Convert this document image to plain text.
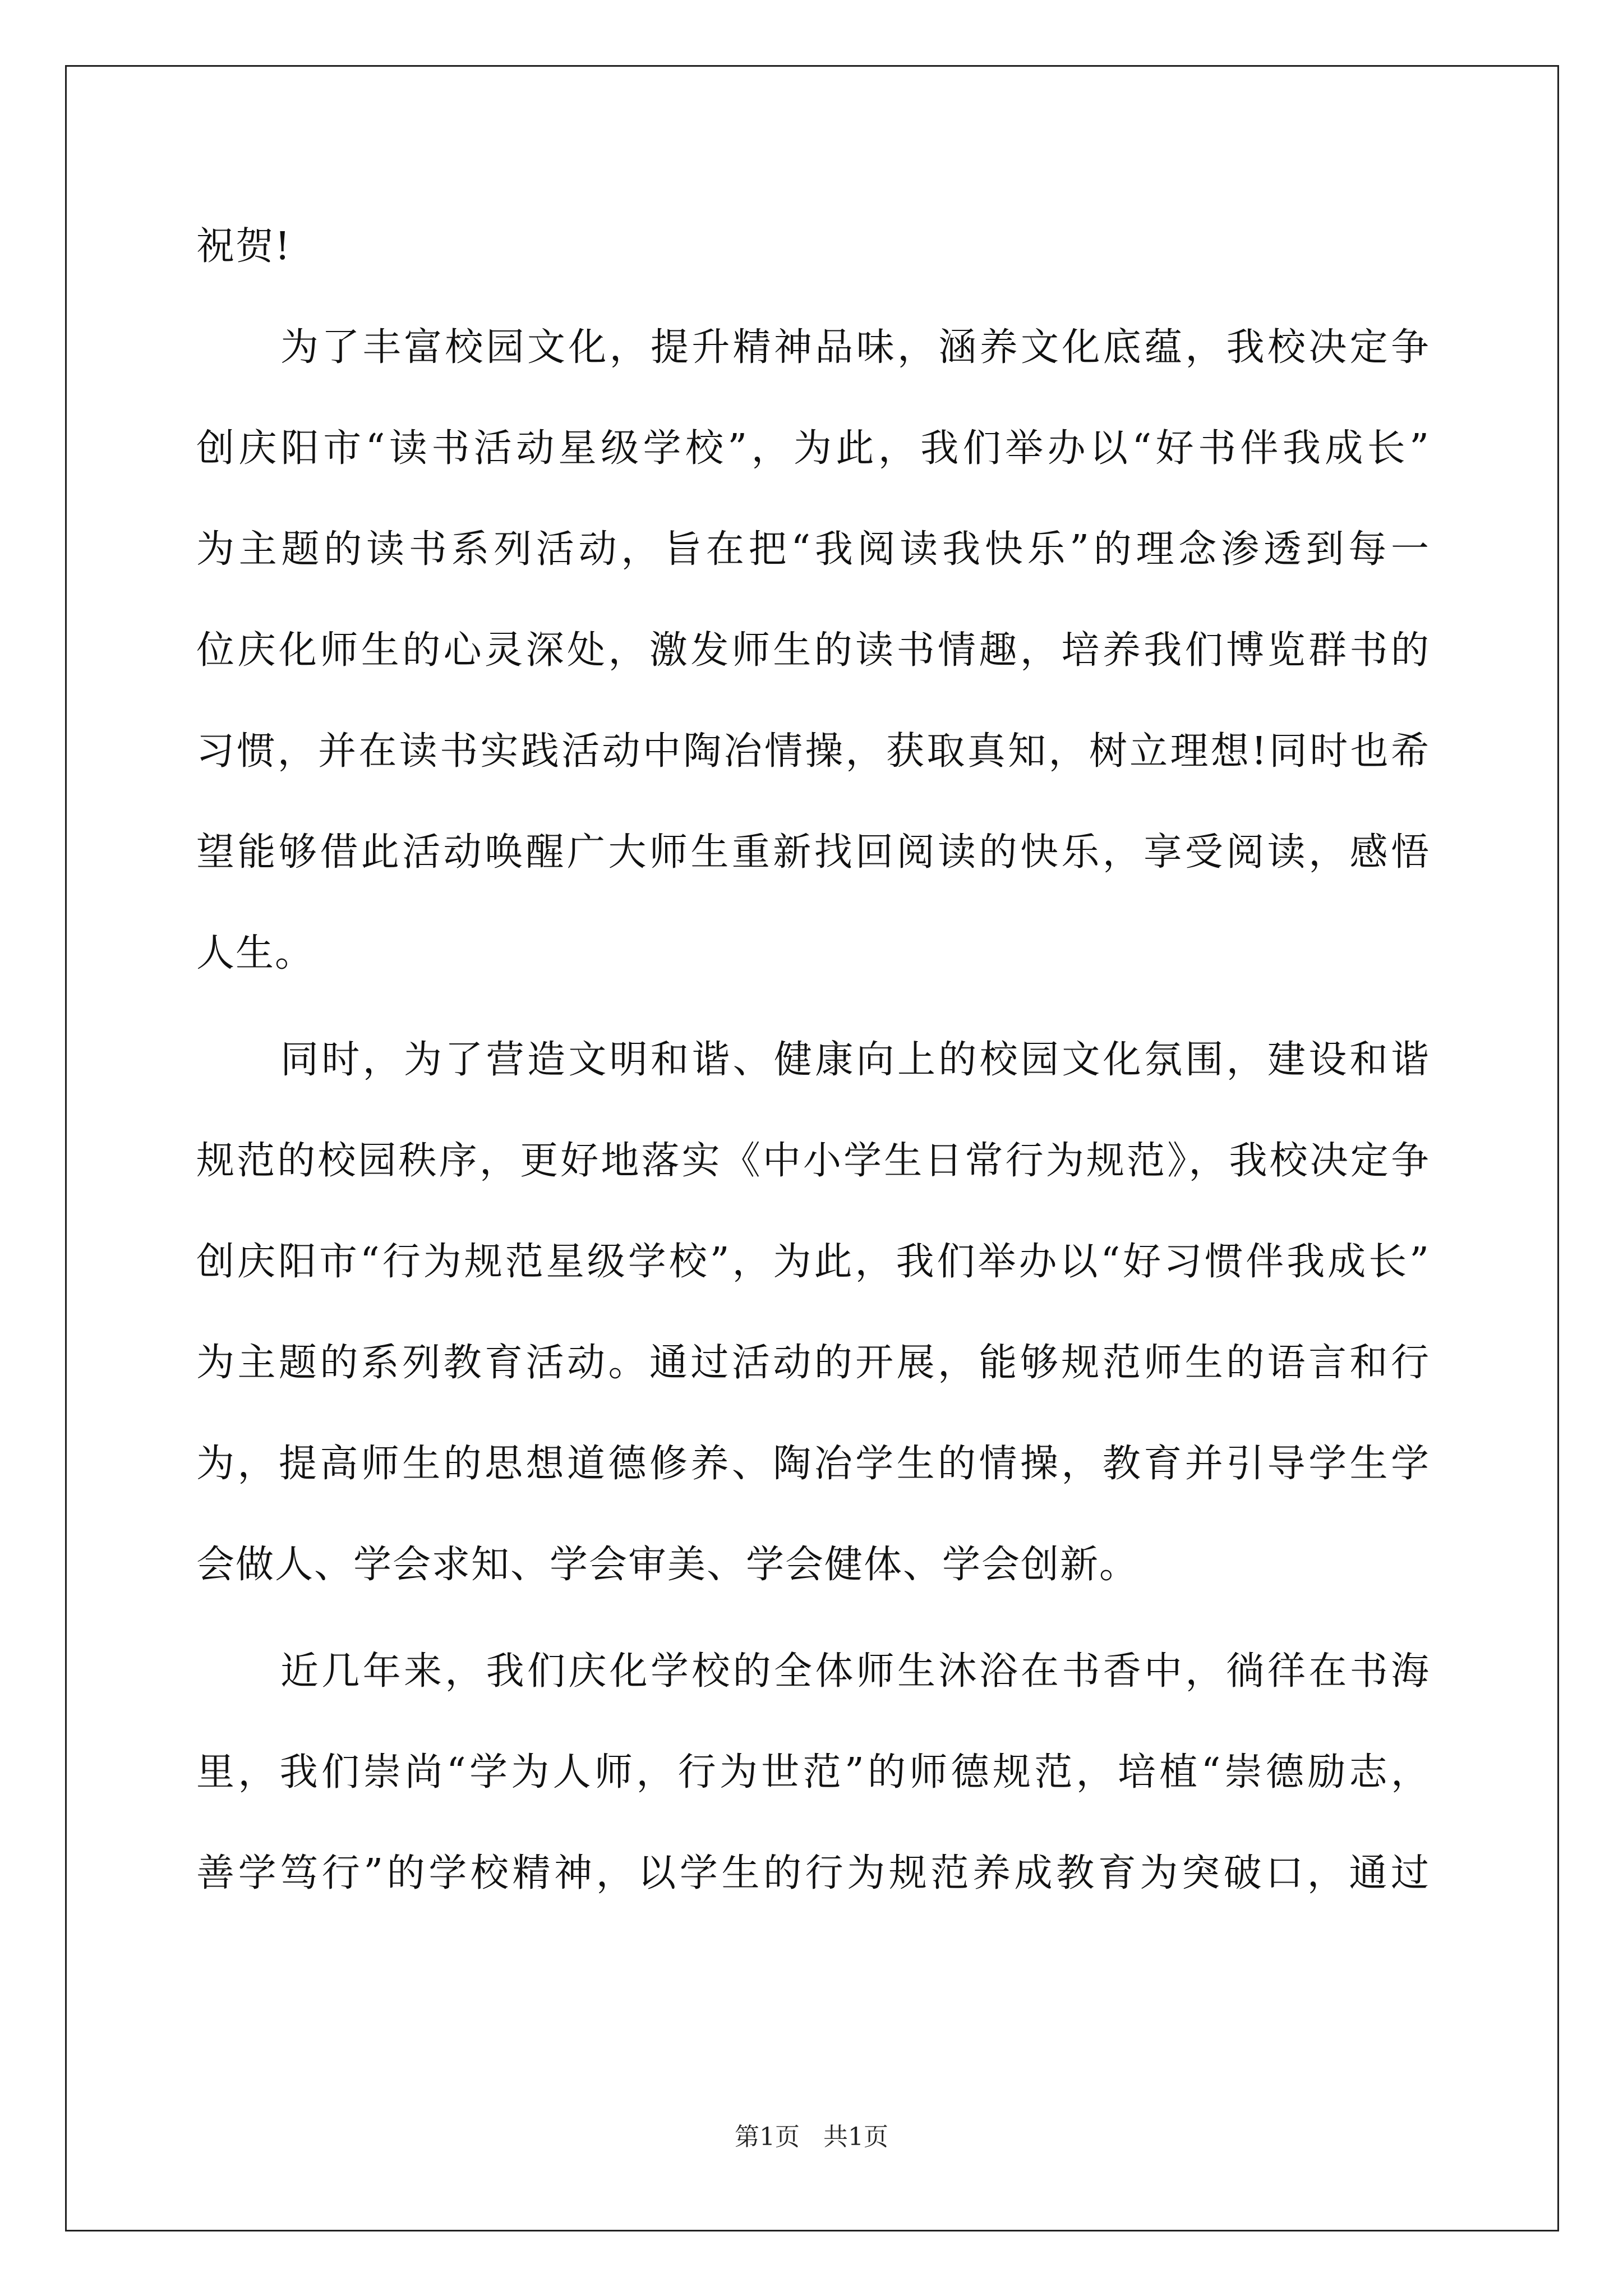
祝贺!
为了丰富校园文化，提升精神品味，涵养文化底蕴，我校决定争
创庆阳市“读书活动星级学校”，为此，我们举办以“好书伴我成长”
为主题的读书系列活动，旨在把“我阅读我快乐”的理念渗透到每一
位庆化师生的心灵深处，激发师生的读书情趣，培养我们博览群书的
习惯，并在读书实践活动中陶冶情操，获取真知，树立理想!同时也希
望能够借此活动唤醒广大师生重新找回阅读的快乐，享受阅读，感悟
人生。
同时，为了营造文明和谐、健康向上的校园文化氛围，建设和谐
规范的校园秩序，更好地落实《中小学生日常行为规范》，我校决定争
创庆阳市“行为规范星级学校”，为此，我们举办以“好习惯伴我成长”
为主题的系列教育活动。通过活动的开展，能够规范师生的语言和行
为，提高师生的思想道德修养、陶冶学生的情操，教育并引导学生学
会做人、学会求知、学会审美、学会健体、学会创新。
近几年来，我们庆化学校的全体师生沐浴在书香中，徜徉在书海
里，我们崇尚“学为人师，行为世范”的师德规范，培植“崇德励志，
善学笃行”的学校精神，以学生的行为规范养成教育为突破口，通过
第1页   共1页
